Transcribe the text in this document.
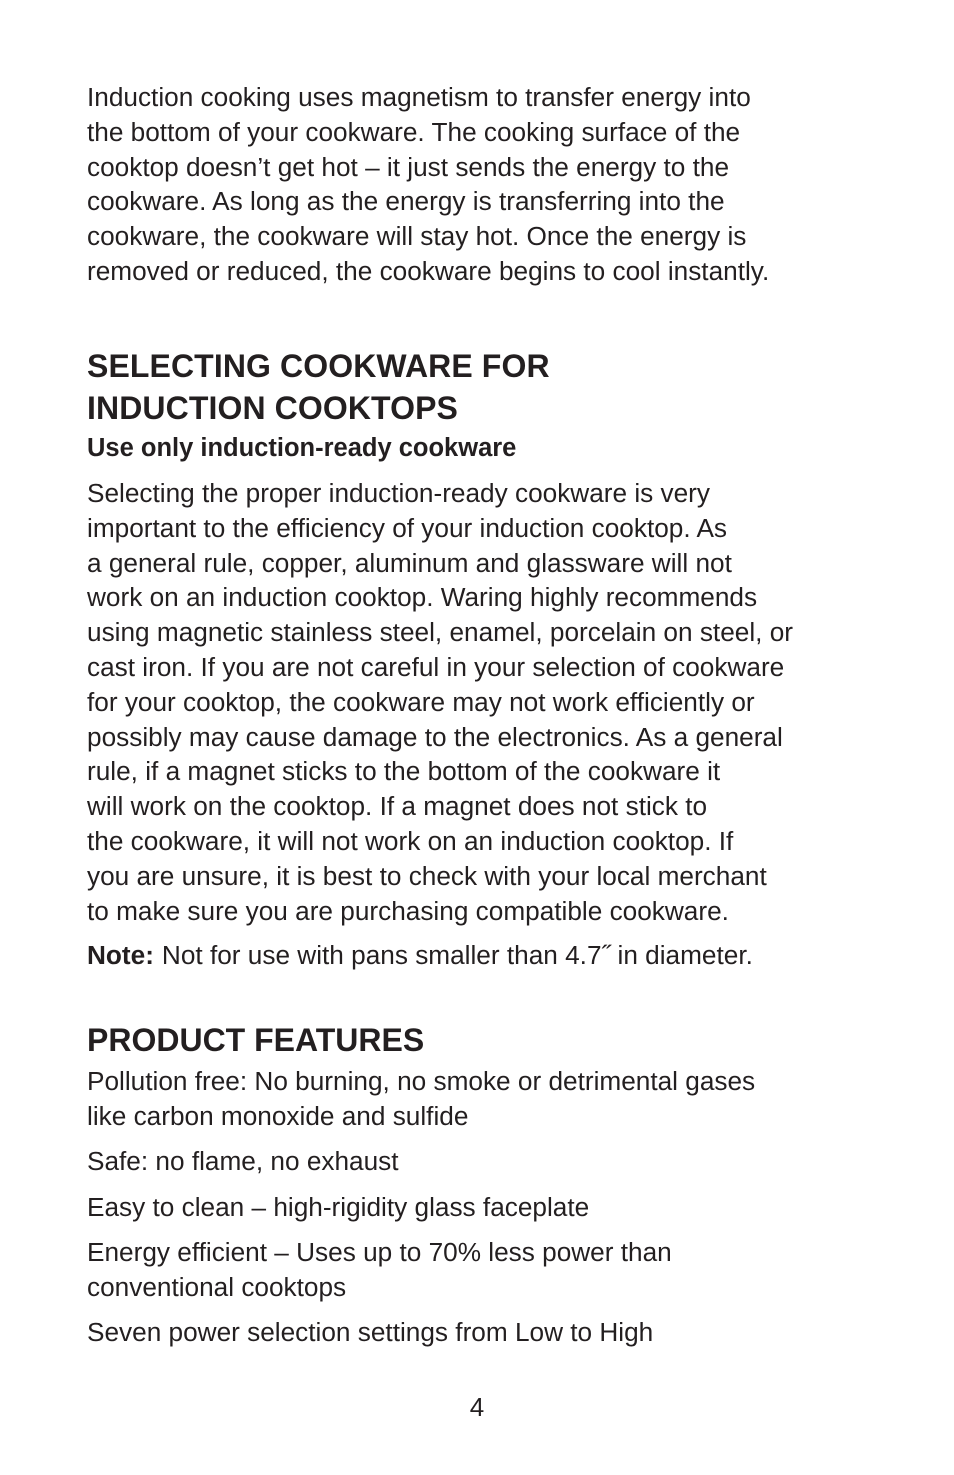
Induction cooking uses magnetism to transfer energy into
the bottom of your cookware. The cooking surface of the
cooktop doesn’t get hot – it just sends the energy to the
cookware. As long as the energy is transferring into the
cookware, the cookware will stay hot. Once the energy is
removed or reduced, the cookware begins to cool instantly.
SELECTING COOKWARE FOR
INDUCTION COOKTOPS
Use only induction-ready cookware
Selecting the proper induction-ready cookware is very
important to the efficiency of your induction cooktop. As
a general rule, copper, aluminum and glassware will not
work on an induction cooktop. Waring highly recommends
using magnetic stainless steel, enamel, porcelain on steel, or
cast iron. If you are not careful in your selection of cookware
for your cooktop, the cookware may not work efficiently or
possibly may cause damage to the electronics. As a general
rule, if a magnet sticks to the bottom of the cookware it
will work on the cooktop. If a magnet does not stick to
the cookware, it will not work on an induction cooktop. If
you are unsure, it is best to check with your local merchant
to make sure you are purchasing compatible cookware.
Note: Not for use with pans smaller than 4.7˝ in diameter.
PRODUCT FEATURES
Pollution free: No burning, no smoke or detrimental gases
like carbon monoxide and sulfide
Safe: no flame, no exhaust
Easy to clean – high-rigidity glass faceplate
Energy efficient – Uses up to 70% less power than
conventional cooktops
Seven power selection settings from Low to High
4
